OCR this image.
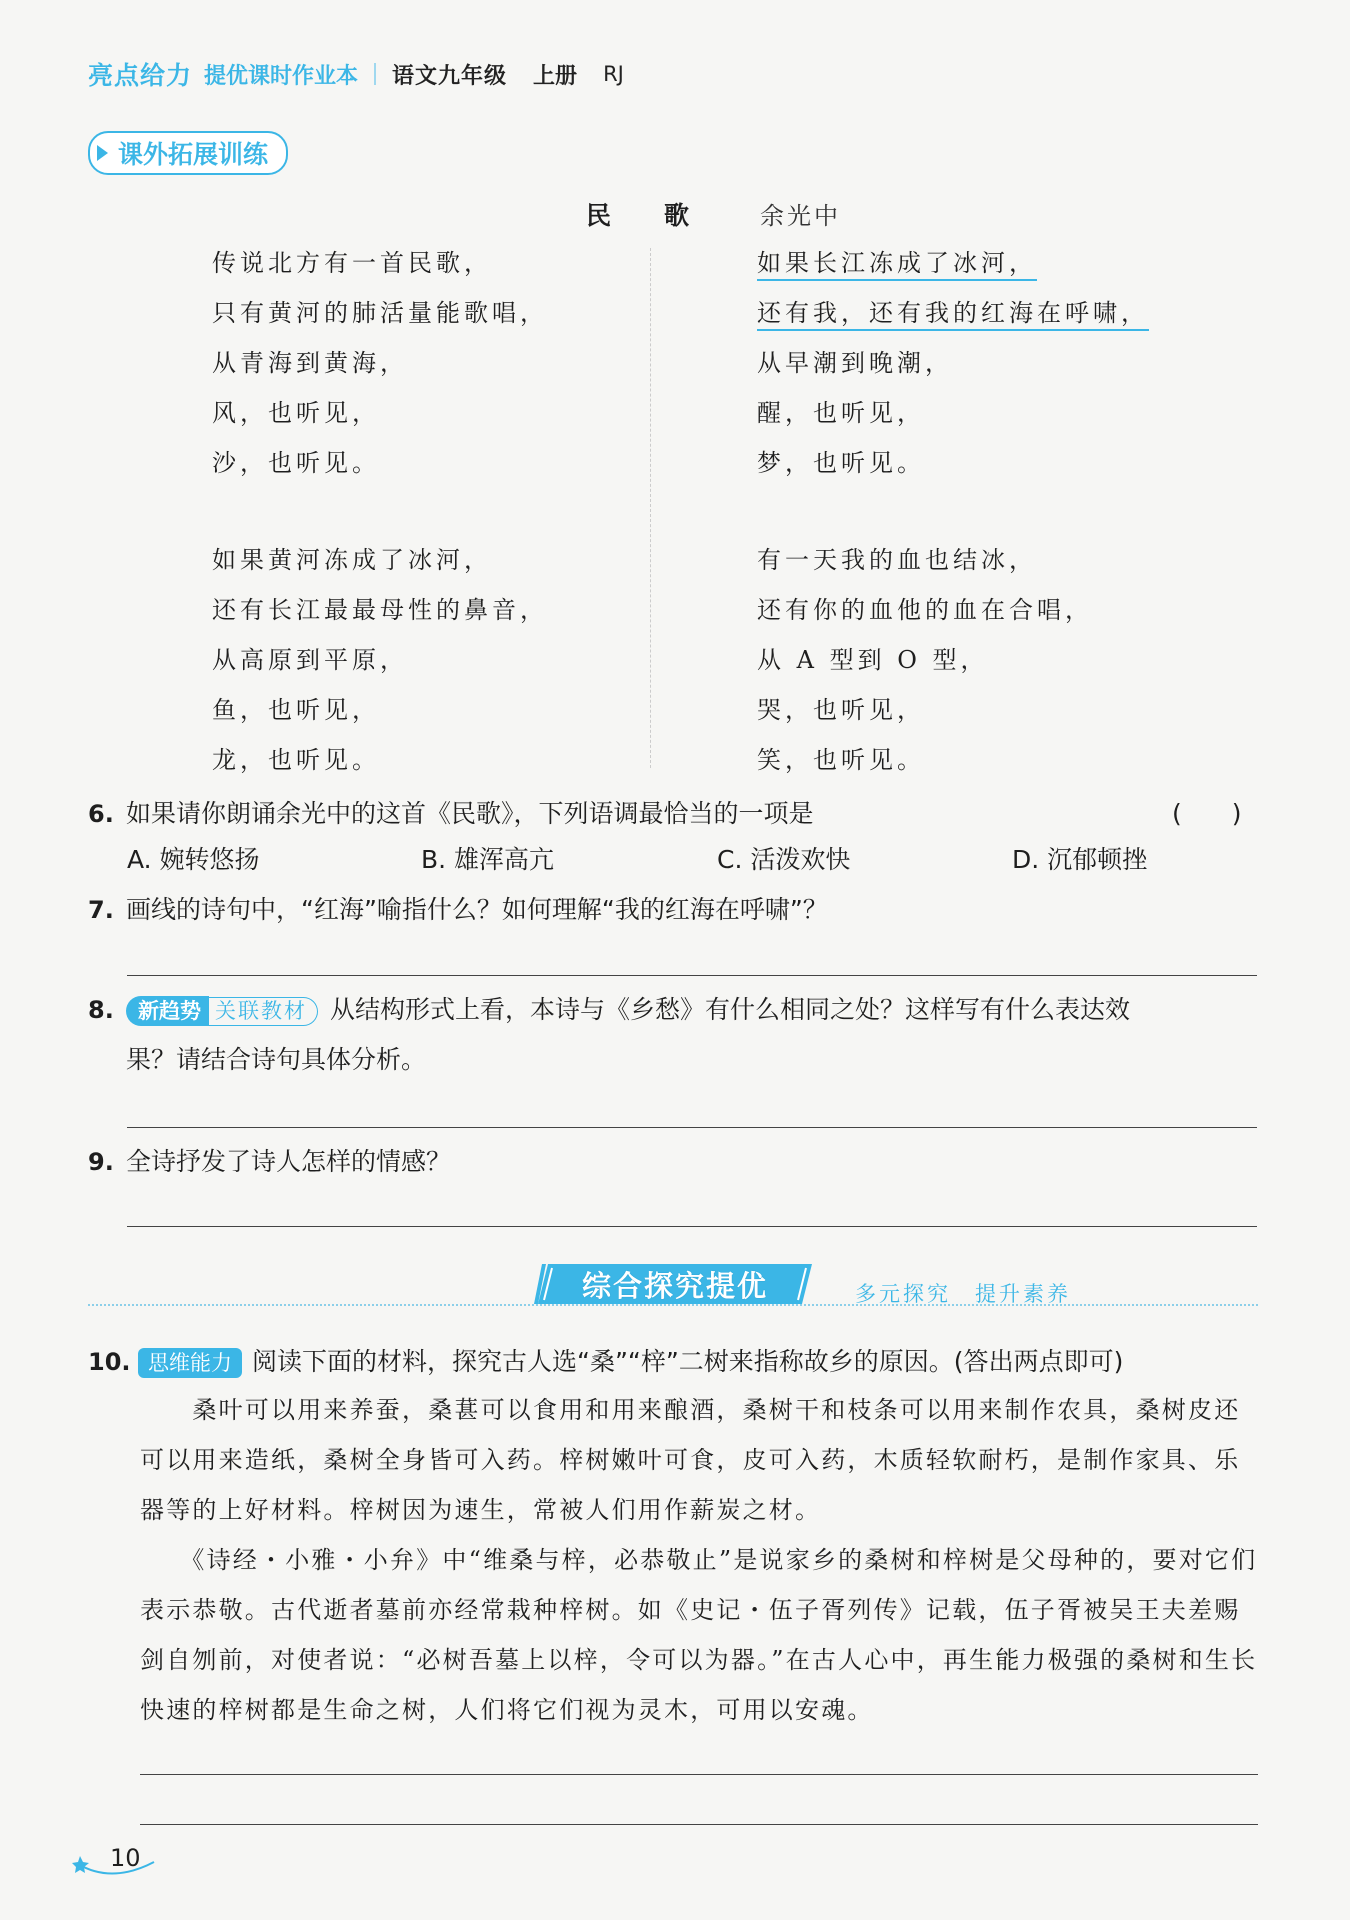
亮点给力 提优课时作业本 语文九年级 上册 RJ
课外拓展训练
民 歌	余光中
传说北方有一首民歌，
只有黄河的肺活量能歌唱，
从青海到黄海，
风，也听见，
沙，也听见。
如果长江冻成了冰河，
还有我，还有我的红海在呼啸，
从早潮到晚潮，
醒，也听见，
梦，也听见。
如果黄河冻成了冰河，
还有长江最最母性的鼻音，
从高原到平原，
鱼，也听见，
龙，也听见。
有一天我的血也结冰，
还有你的血他的血在合唱，
从 A 型到 O 型，
哭，也听见，
笑，也听见。
6. 如果请你朗诵余光中的这首《民歌》，下列语调最恰当的一项是	(　　)
A. 婉转悠扬	B. 雄浑高亢	C. 活泼欢快	D. 沉郁顿挫
7. 画线的诗句中，“红海”喻指什么？如何理解“我的红海在呼啸”？
8.	新趋势 关联教材 从结构形式上看，本诗与《乡愁》有什么相同之处？这样写有什么表达效
果？请结合诗句具体分析。
9. 全诗抒发了诗人怎样的情感？
综合探究提优	多元探究　提升素养
10. 思维能力 阅读下面的材料，探究古人选“桑”“梓”二树来指称故乡的原因。(答出两点即可)
　　桑叶可以用来养蚕，桑葚可以食用和用来酿酒，桑树干和枝条可以用来制作农具，桑树皮还可以用来造纸，桑树全身皆可入药。梓树嫩叶可食，皮可入药，木质轻软耐朽，是制作家具、乐器等的上好材料。梓树因为速生，常被人们用作薪炭之材。
　　《诗经・小雅・小弁》中“维桑与梓，必恭敬止”是说家乡的桑树和梓树是父母种的，要对它们表示恭敬。古代逝者墓前亦经常栽种梓树。如《史记・伍子胥列传》记载，伍子胥被吴王夫差赐剑自刎前，对使者说：“必树吾墓上以梓，令可以为器。”在古人心中，再生能力极强的桑树和生长快速的梓树都是生命之树，人们将它们视为灵木，可用以安魂。
10
